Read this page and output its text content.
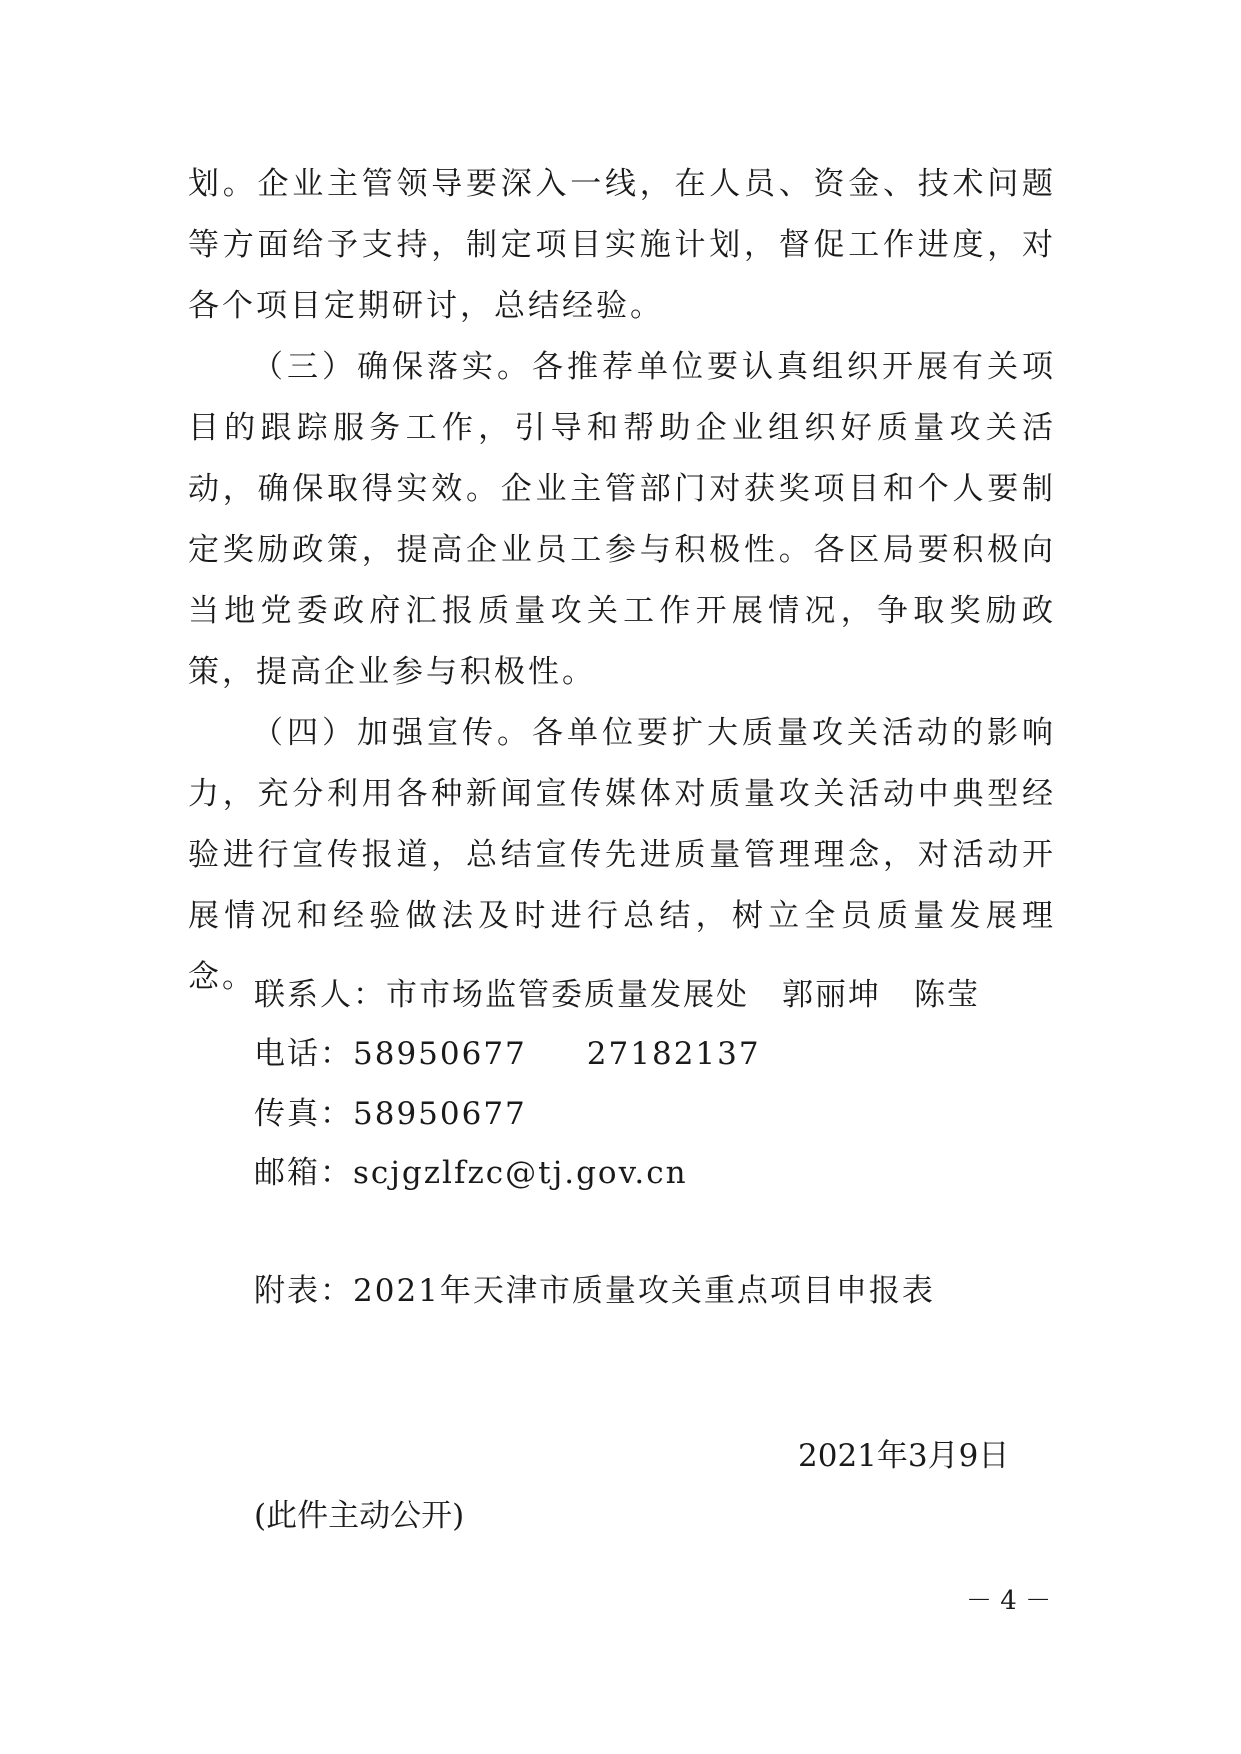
划。企业主管领导要深入一线，在人员、资金、技术问题等方面给予支持，制定项目实施计划，督促工作进度，对各个项目定期研讨，总结经验。

（三）确保落实。各推荐单位要认真组织开展有关项目的跟踪服务工作，引导和帮助企业组织好质量攻关活动，确保取得实效。企业主管部门对获奖项目和个人要制定奖励政策，提高企业员工参与积极性。各区局要积极向当地党委政府汇报质量攻关工作开展情况，争取奖励政策，提高企业参与积极性。

（四）加强宣传。各单位要扩大质量攻关活动的影响力，充分利用各种新闻宣传媒体对质量攻关活动中典型经验进行宣传报道，总结宣传先进质量管理理念，对活动开展情况和经验做法及时进行总结，树立全员质量发展理念。

联系人：市市场监管委质量发展处　郭丽坤　陈莹
电话：58950677 27182137
传真：58950677
邮箱：scjgzlfzc@tj.gov.cn
附表：2021年天津市质量攻关重点项目申报表
2021年3月9日
(此件主动公开)
－ 4 －
